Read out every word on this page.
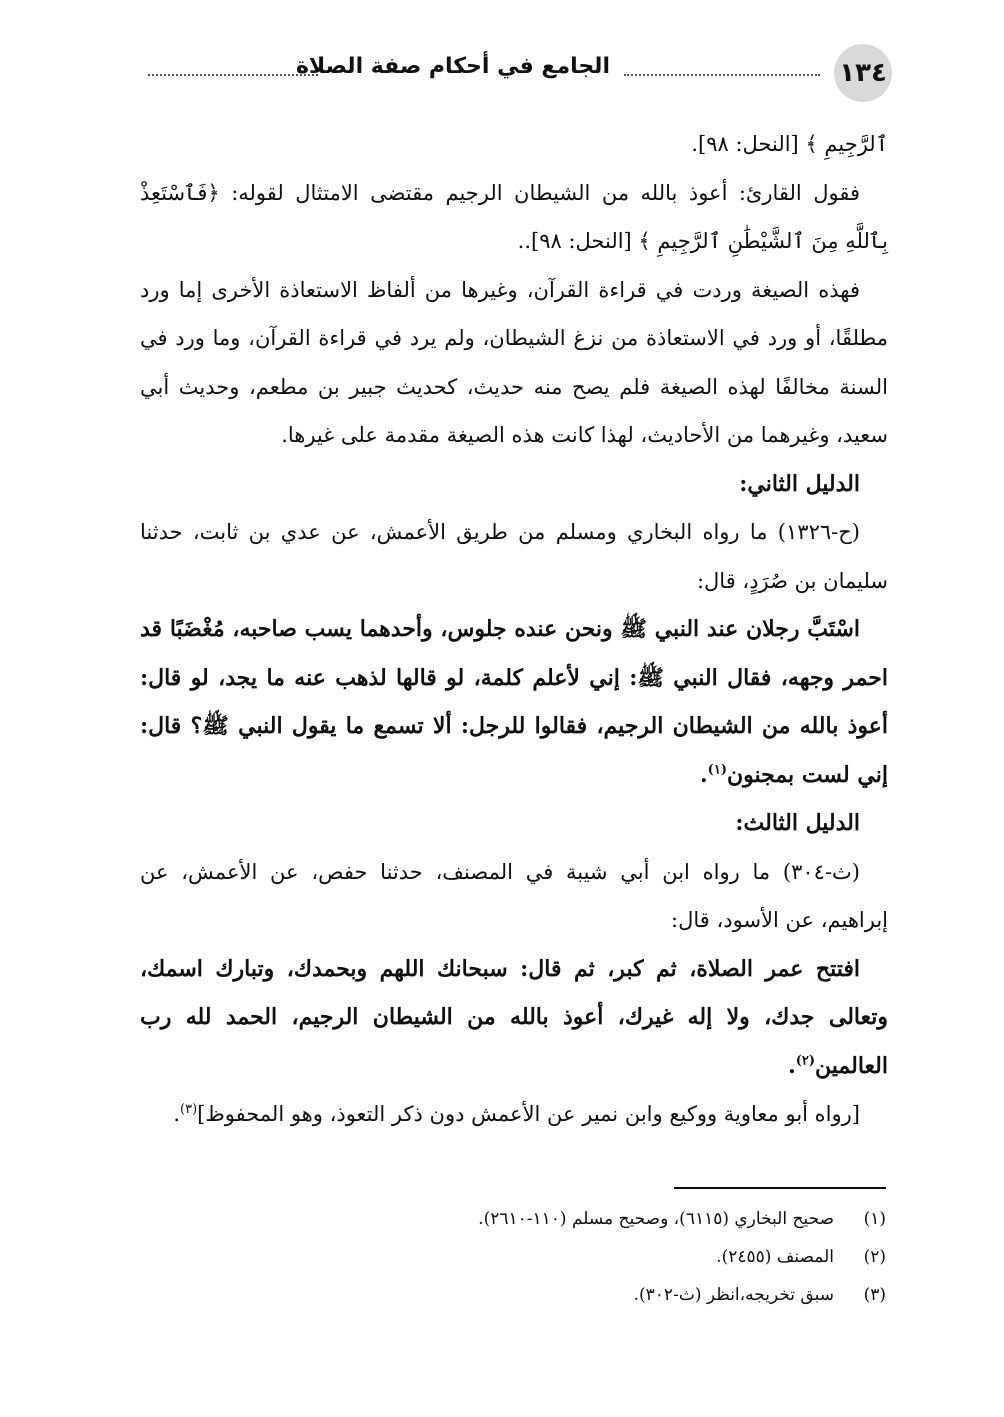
١٣٤
الجامع في أحكام صفة الصلاة

ٱلرَّجِيمِ ﴾ [النحل: ٩٨].

فقول القارئ: أعوذ بالله من الشيطان الرجيم مقتضى الامتثال لقوله: ﴿فَٱسْتَعِذْ بِٱللَّهِ مِنَ ٱلشَّيْطَٰنِ ٱلرَّجِيمِ ﴾ [النحل: ٩٨]..

فهذه الصيغة وردت في قراءة القرآن، وغيرها من ألفاظ الاستعاذة الأخرى إما ورد مطلقًا، أو ورد في الاستعاذة من نزغ الشيطان، ولم يرد في قراءة القرآن، وما ورد في السنة مخالفًا لهذه الصيغة فلم يصح منه حديث، كحديث جبير بن مطعم، وحديث أبي سعيد، وغيرهما من الأحاديث، لهذا كانت هذه الصيغة مقدمة على غيرها.

الدليل الثاني:

(ح-١٣٢٦) ما رواه البخاري ومسلم من طريق الأعمش، عن عدي بن ثابت، حدثنا سليمان بن صُرَدٍ، قال:

اسْتَبَّ رجلان عند النبي ﷺ ونحن عنده جلوس، وأحدهما يسب صاحبه، مُغْضَبًا قد احمر وجهه، فقال النبي ﷺ: إني لأعلم كلمة، لو قالها لذهب عنه ما يجد، لو قال: أعوذ بالله من الشيطان الرجيم، فقالوا للرجل: ألا تسمع ما يقول النبي ﷺ؟ قال: إني لست بمجنون$^{(١)}$.

الدليل الثالث:

(ث-٣٠٤) ما رواه ابن أبي شيبة في المصنف، حدثنا حفص، عن الأعمش، عن إبراهيم، عن الأسود، قال:

افتتح عمر الصلاة، ثم كبر، ثم قال: سبحانك اللهم وبحمدك، وتبارك اسمك، وتعالى جدك، ولا إله غيرك، أعوذ بالله من الشيطان الرجيم، الحمد لله رب العالمين$^{(٢)}$.

[رواه أبو معاوية ووكيع وابن نمير عن الأعمش دون ذكر التعوذ، وهو المحفوظ]$^{(٣)}$.

(١)
صحيح البخاري (٦١١٥)، وصحيح مسلم (١١٠-٢٦١٠).
(٢)
المصنف (٢٤٥٥).
(٣)
سبق تخريجه،انظر (ث-٣٠٢).
